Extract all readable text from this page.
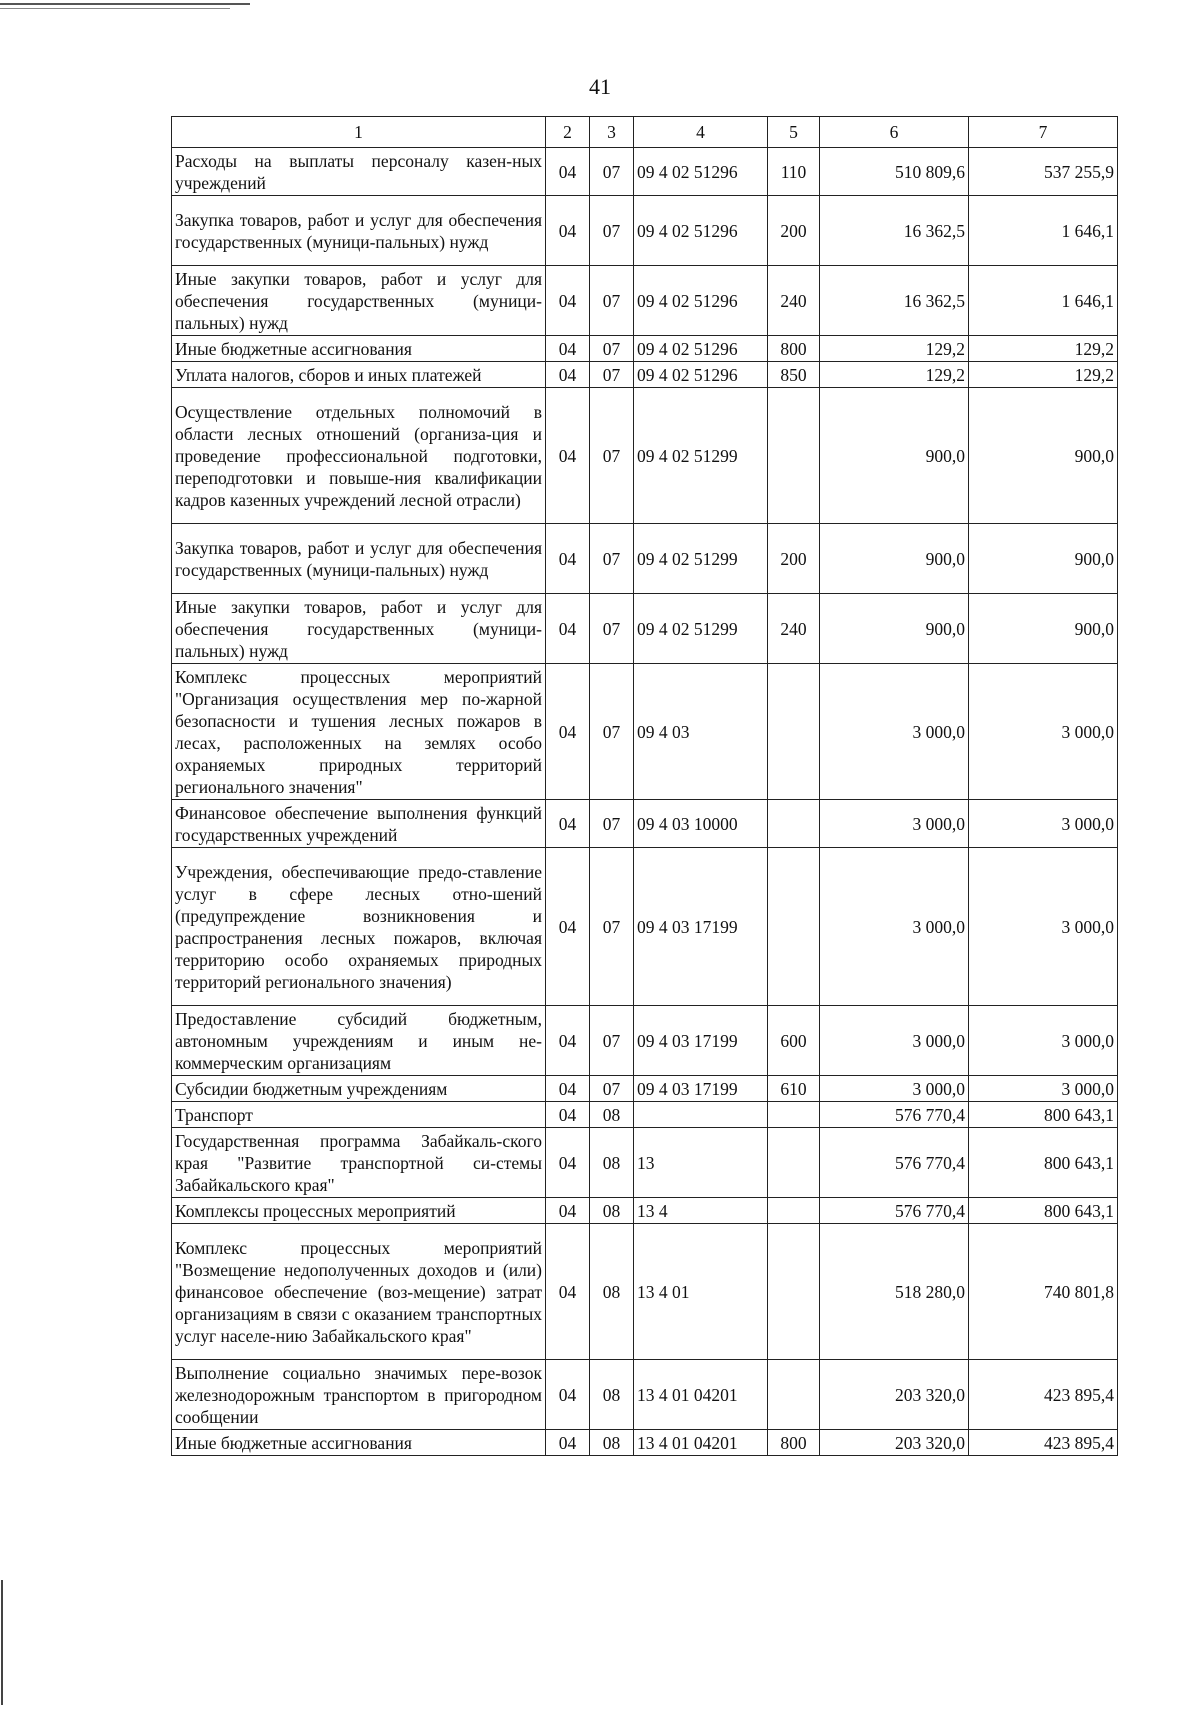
41
1	2	3	4	5	6	7
Расходы на выплаты персоналу казен-ных учреждений	04	07	09 4 02 51296	110	510 809,6	537 255,9
Закупка товаров, работ и услуг для обеспечения государственных (муници-пальных) нужд	04	07	09 4 02 51296	200	16 362,5	1 646,1
Иные закупки товаров, работ и услуг для обеспечения государственных (муници-пальных) нужд	04	07	09 4 02 51296	240	16 362,5	1 646,1
Иные бюджетные ассигнования	04	07	09 4 02 51296	800	129,2	129,2
Уплата налогов, сборов и иных платежей	04	07	09 4 02 51296	850	129,2	129,2
Осуществление отдельных полномочий в области лесных отношений (организа-ция и проведение профессиональной подготовки, переподготовки и повыше-ния квалификации кадров казенных учреждений лесной отрасли)	04	07	09 4 02 51299		900,0	900,0
Закупка товаров, работ и услуг для обеспечения государственных (муници-пальных) нужд	04	07	09 4 02 51299	200	900,0	900,0
Иные закупки товаров, работ и услуг для обеспечения государственных (муници-пальных) нужд	04	07	09 4 02 51299	240	900,0	900,0
Комплекс процессных мероприятий "Организация осуществления мер по-жарной безопасности и тушения лесных пожаров в лесах, расположенных на землях особо охраняемых природных территорий регионального значения"	04	07	09 4 03		3 000,0	3 000,0
Финансовое обеспечение выполнения функций государственных учреждений	04	07	09 4 03 10000		3 000,0	3 000,0
Учреждения, обеспечивающие предо-ставление услуг в сфере лесных отно-шений (предупреждение возникновения и распространения лесных пожаров, включая территорию особо охраняемых природных территорий регионального значения)	04	07	09 4 03 17199		3 000,0	3 000,0
Предоставление субсидий бюджетным, автономным учреждениям и иным не-коммерческим организациям	04	07	09 4 03 17199	600	3 000,0	3 000,0
Субсидии бюджетным учреждениям	04	07	09 4 03 17199	610	3 000,0	3 000,0
Транспорт	04	08			576 770,4	800 643,1
Государственная программа Забайкаль-ского края "Развитие транспортной си-стемы Забайкальского края"	04	08	13		576 770,4	800 643,1
Комплексы процессных мероприятий	04	08	13 4		576 770,4	800 643,1
Комплекс процессных мероприятий "Возмещение недополученных доходов и (или) финансовое обеспечение (воз-мещение) затрат организациям в связи с оказанием транспортных услуг населе-нию Забайкальского края"	04	08	13 4 01		518 280,0	740 801,8
Выполнение социально значимых пере-возок железнодорожным транспортом в пригородном сообщении	04	08	13 4 01 04201		203 320,0	423 895,4
Иные бюджетные ассигнования	04	08	13 4 01 04201	800	203 320,0	423 895,4
